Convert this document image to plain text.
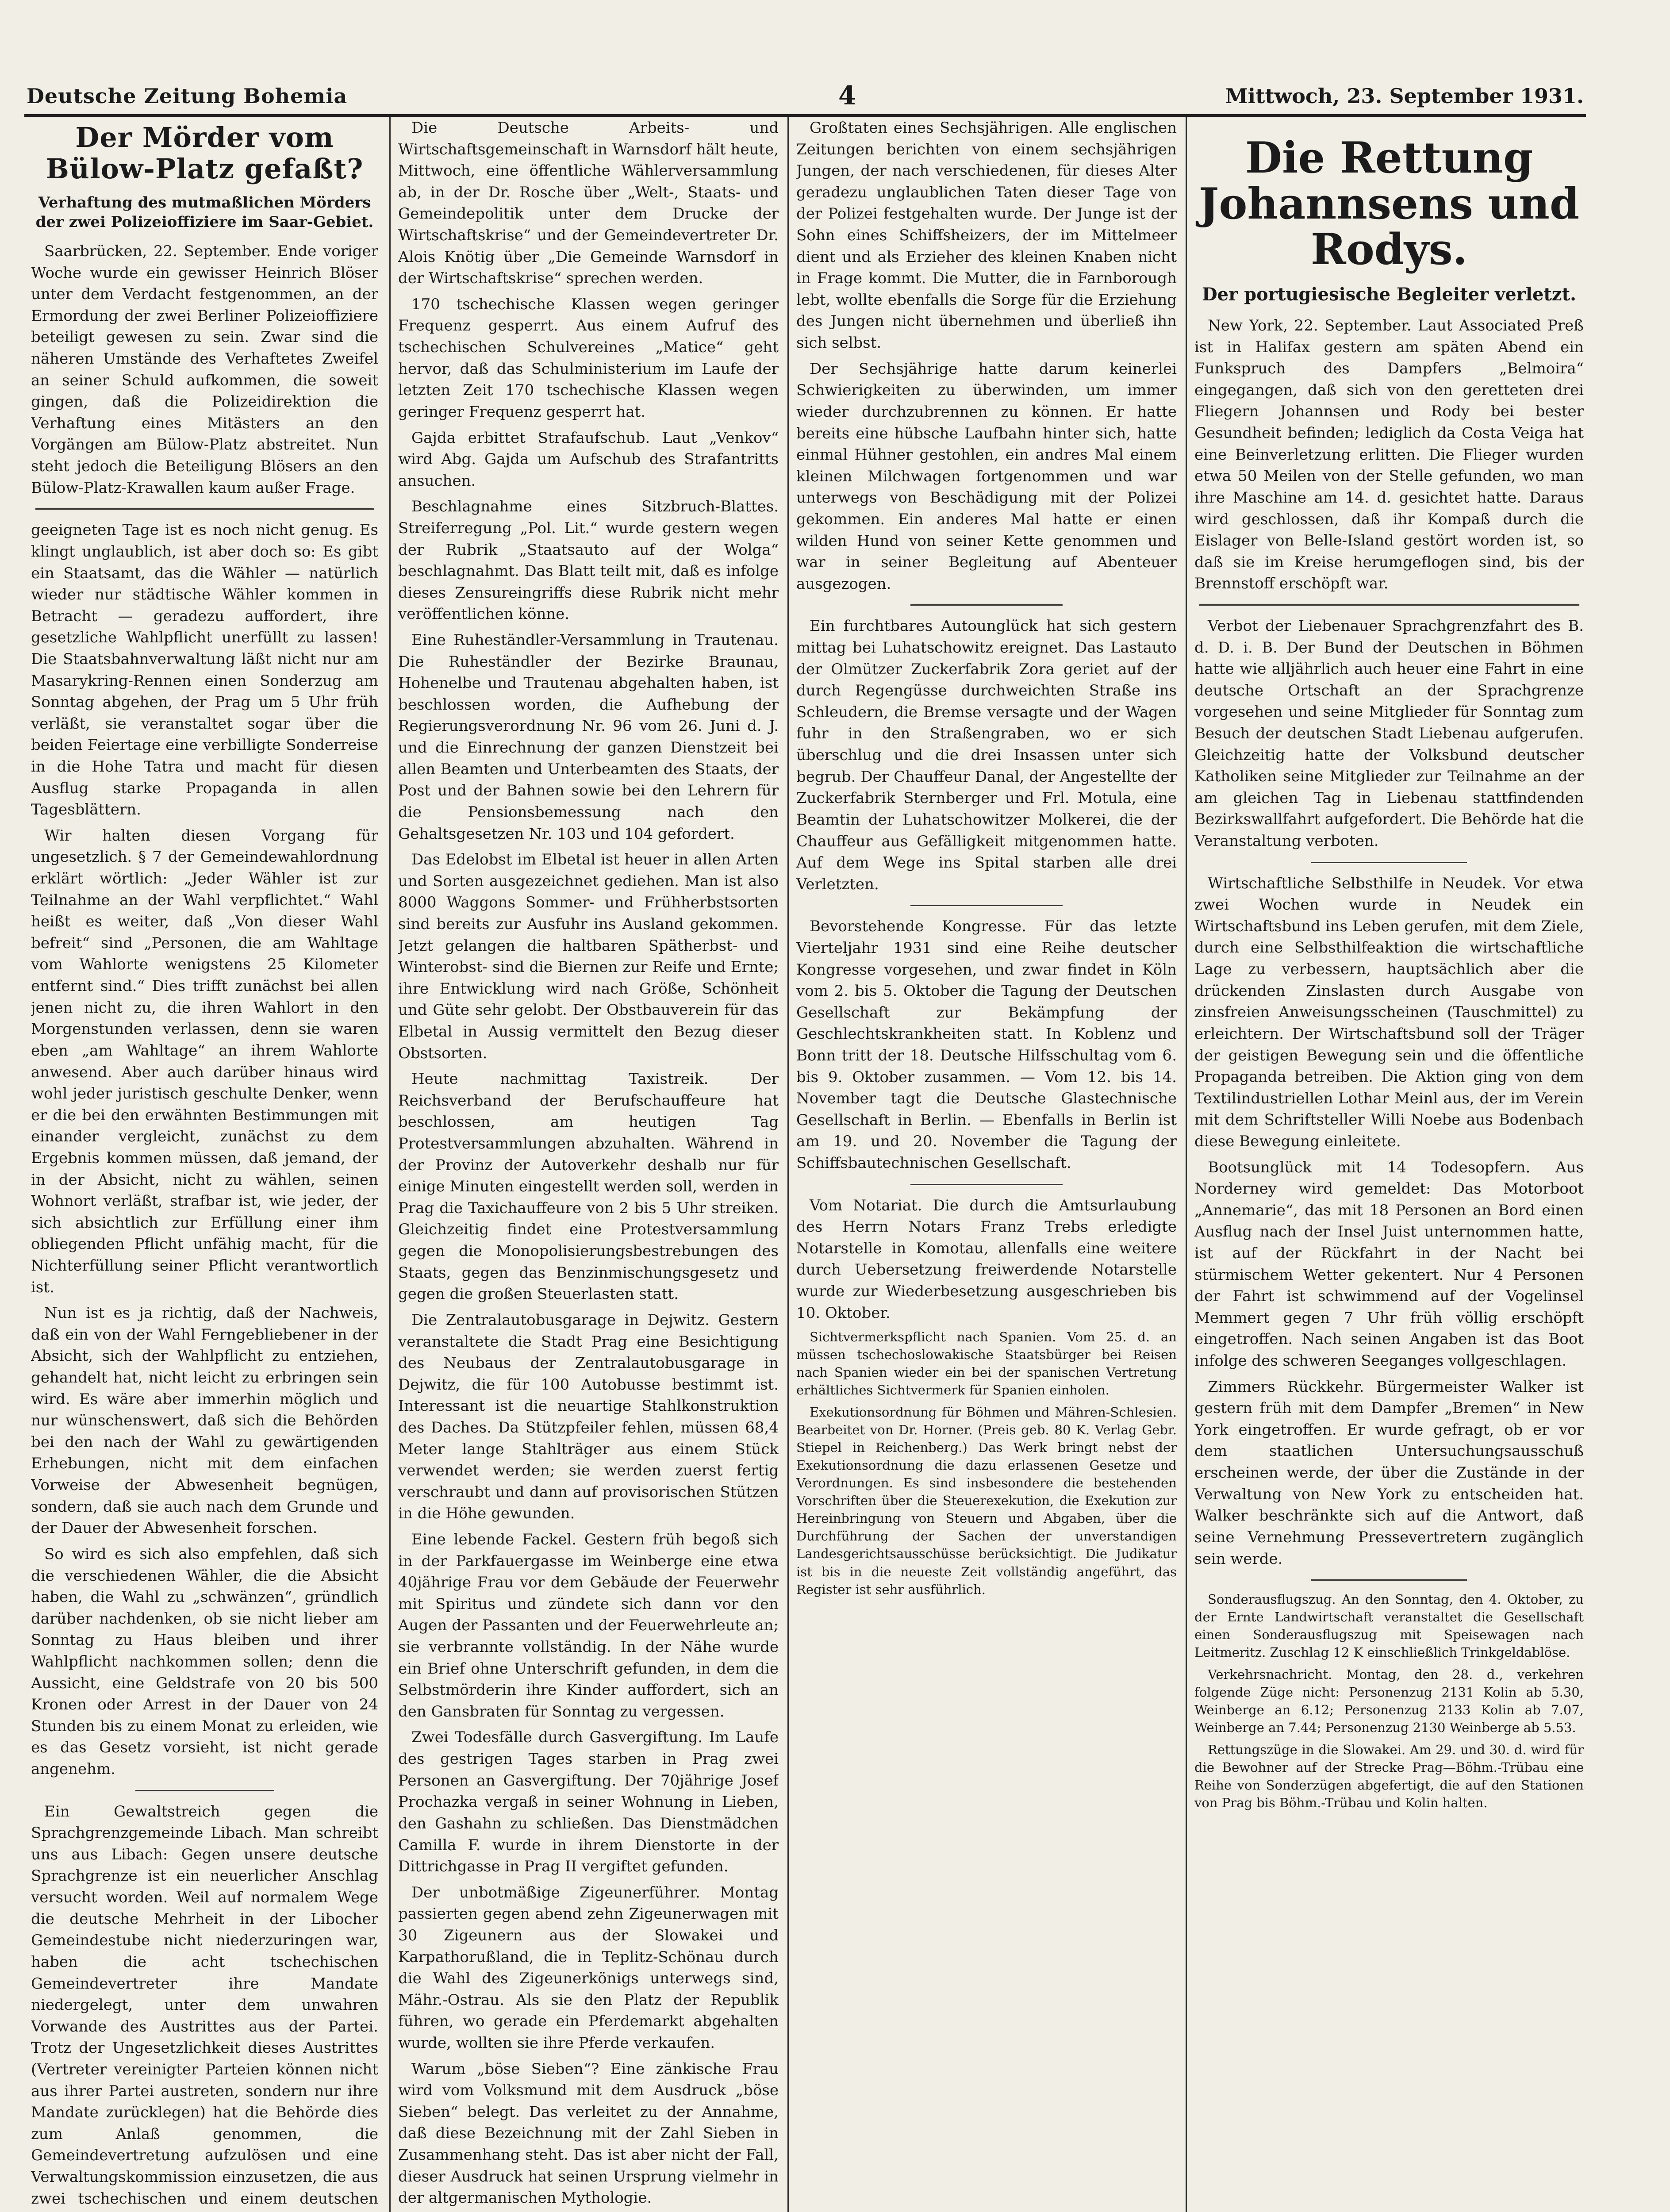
Deutsche Zeitung Bohemia	4	Mittwoch, 23. September 1931.
Der Mörder vom Bülow-Platz gefaßt?
Verhaftung des mutmaßlichen Mörders der zwei Polizeioffiziere im Saar-Gebiet.

Saarbrücken, 22. September. Ende voriger Woche wurde ein gewisser Heinrich Blöser unter dem Verdacht festgenommen, an der Ermordung der zwei Berliner Polizeioffiziere beteiligt gewesen zu sein. Zwar sind die näheren Umstände des Verhaftetes Zweifel an seiner Schuld aufkommen, die soweit gingen, daß die Polizeidirektion die Verhaftung eines Mitästers an den Vorgängen am Bülow-Platz abstreitet. Nun steht jedoch die Beteiligung Blösers an den Bülow-Platz-Krawallen kaum außer Frage.

geeigneten Tage ist es noch nicht genug. Es klingt unglaublich, ist aber doch so: Es gibt ein Staatsamt, das die Wähler — natürlich wieder nur städtische Wähler kommen in Betracht — geradezu auffordert, ihre gesetzliche Wahlpflicht unerfüllt zu lassen! Die Staatsbahnverwaltung läßt nicht nur am Masarykring-Rennen einen Sonderzug am Sonntag abgehen, der Prag um 5 Uhr früh verläßt, sie veranstaltet sogar über die beiden Feiertage eine verbilligte Sonderreise in die Hohe Tatra und macht für diesen Ausflug starke Propaganda in allen Tagesblättern.

Wir halten diesen Vorgang für ungesetzlich. § 7 der Gemeindewahlordnung erklärt wörtlich: „Jeder Wähler ist zur Teilnahme an der Wahl verpflichtet.“ Wahl heißt es weiter, daß „Von dieser Wahl befreit“ sind „Personen, die am Wahltage vom Wahlorte wenigstens 25 Kilometer entfernt sind.“ Dies trifft zunächst bei allen jenen nicht zu, die ihren Wahlort in den Morgenstunden verlassen, denn sie waren eben „am Wahltage“ an ihrem Wahlorte anwesend. Aber auch darüber hinaus wird wohl jeder juristisch geschulte Denker, wenn er die bei den erwähnten Bestimmungen mit einander vergleicht, zunächst zu dem Ergebnis kommen müssen, daß jemand, der in der Absicht, nicht zu wählen, seinen Wohnort verläßt, strafbar ist, wie jeder, der sich absichtlich zur Erfüllung einer ihm obliegenden Pflicht unfähig macht, für die Nichterfüllung seiner Pflicht verantwortlich ist.

Nun ist es ja richtig, daß der Nachweis, daß ein von der Wahl Ferngebliebener in der Absicht, sich der Wahlpflicht zu entziehen, gehandelt hat, nicht leicht zu erbringen sein wird. Es wäre aber immerhin möglich und nur wünschenswert, daß sich die Behörden bei den nach der Wahl zu gewärtigenden Erhebungen, nicht mit dem einfachen Vorweise der Abwesenheit begnügen, sondern, daß sie auch nach dem Grunde und der Dauer der Abwesenheit forschen.

So wird es sich also empfehlen, daß sich die verschiedenen Wähler, die die Absicht haben, die Wahl zu „schwänzen“, gründlich darüber nachdenken, ob sie nicht lieber am Sonntag zu Haus bleiben und ihrer Wahlpflicht nachkommen sollen; denn die Aussicht, eine Geldstrafe von 20 bis 500 Kronen oder Arrest in der Dauer von 24 Stunden bis zu einem Monat zu erleiden, wie es das Gesetz vorsieht, ist nicht gerade angenehm.

Ein Gewaltstreich gegen die Sprachgrenzgemeinde Libach. Man schreibt uns aus Libach: Gegen unsere deutsche Sprachgrenze ist ein neuerlicher Anschlag versucht worden. Weil auf normalem Wege die deutsche Mehrheit in der Libocher Gemeindestube nicht niederzuringen war, haben die acht tschechischen Gemeindevertreter ihre Mandate niedergelegt, unter dem unwahren Vorwande des Austrittes aus der Partei. Trotz der Ungesetzlichkeit dieses Austrittes (Vertreter vereinigter Parteien können nicht aus ihrer Partei austreten, sondern nur ihre Mandate zurücklegen) hat die Behörde dies zum Anlaß genommen, die Gemeindevertretung aufzulösen und eine Verwaltungskommission einzusetzen, die aus zwei tschechischen und einem deutschen

Die Deutsche Arbeits- und Wirtschaftsgemeinschaft in Warnsdorf hält heute, Mittwoch, eine öffentliche Wählerversammlung ab, in der Dr. Rosche über „Welt-, Staats- und Gemeindepolitik unter dem Drucke der Wirtschaftskrise“ und der Gemeindevertreter Dr. Alois Knötig über „Die Gemeinde Warnsdorf in der Wirtschaftskrise“ sprechen werden.

170 tschechische Klassen wegen geringer Frequenz gesperrt. Aus einem Aufruf des tschechischen Schulvereines „Matice“ geht hervor, daß das Schulministerium im Laufe der letzten Zeit 170 tschechische Klassen wegen geringer Frequenz gesperrt hat.

Gajda erbittet Strafaufschub. Laut „Venkov“ wird Abg. Gajda um Aufschub des Strafantritts ansuchen.

Beschlagnahme eines Sitzbruch-Blattes. Streiferregung „Pol. Lit.“ wurde gestern wegen der Rubrik „Staatsauto auf der Wolga“ beschlagnahmt. Das Blatt teilt mit, daß es infolge dieses Zensureingriffs diese Rubrik nicht mehr veröffentlichen könne.

Eine Ruheständler-Versammlung in Trautenau. Die Ruheständler der Bezirke Braunau, Hohenelbe und Trautenau abgehalten haben, ist beschlossen worden, die Aufhebung der Regierungsverordnung Nr. 96 vom 26. Juni d. J. und die Einrechnung der ganzen Dienstzeit bei allen Beamten und Unterbeamten des Staats, der Post und der Bahnen sowie bei den Lehrern für die Pensionsbemessung nach den Gehaltsgesetzen Nr. 103 und 104 gefordert.

Das Edelobst im Elbetal ist heuer in allen Arten und Sorten ausgezeichnet gediehen. Man ist also 8000 Waggons Sommer- und Frühherbstsorten sind bereits zur Ausfuhr ins Ausland gekommen. Jetzt gelangen die haltbaren Spätherbst- und Winterobst- sind die Biernen zur Reife und Ernte; ihre Entwicklung wird nach Größe, Schönheit und Güte sehr gelobt. Der Obstbauverein für das Elbetal in Aussig vermittelt den Bezug dieser Obstsorten.

Heute nachmittag Taxistreik. Der Reichsverband der Berufschauffeure hat beschlossen, am heutigen Tag Protestversammlungen abzuhalten. Während in der Provinz der Autoverkehr deshalb nur für einige Minuten eingestellt werden soll, werden in Prag die Taxichauffeure von 2 bis 5 Uhr streiken. Gleichzeitig findet eine Protestversammlung gegen die Monopolisierungsbestrebungen des Staats, gegen das Benzinmischungsgesetz und gegen die großen Steuerlasten statt.

Die Zentralautobusgarage in Dejwitz. Gestern veranstaltete die Stadt Prag eine Besichtigung des Neubaus der Zentralautobusgarage in Dejwitz, die für 100 Autobusse bestimmt ist. Interessant ist die neuartige Stahlkonstruktion des Daches. Da Stützpfeiler fehlen, müssen 68,4 Meter lange Stahlträger aus einem Stück verwendet werden; sie werden zuerst fertig verschraubt und dann auf provisorischen Stützen in die Höhe gewunden.

Eine lebende Fackel. Gestern früh begoß sich in der Parkfauergasse im Weinberge eine etwa 40jährige Frau vor dem Gebäude der Feuerwehr mit Spiritus und zündete sich dann vor den Augen der Passanten und der Feuerwehrleute an; sie verbrannte vollständig. In der Nähe wurde ein Brief ohne Unterschrift gefunden, in dem die Selbstmörderin ihre Kinder auffordert, sich an den Gansbraten für Sonntag zu vergessen.

Zwei Todesfälle durch Gasvergiftung. Im Laufe des gestrigen Tages starben in Prag zwei Personen an Gasvergiftung. Der 70jährige Josef Prochazka vergaß in seiner Wohnung in Lieben, den Gashahn zu schließen. Das Dienstmädchen Camilla F. wurde in ihrem Dienstorte in der Dittrichgasse in Prag II vergiftet gefunden.

Der unbotmäßige Zigeunerführer. Montag passierten gegen abend zehn Zigeunerwagen mit 30 Zigeunern aus der Slowakei und Karpathorußland, die in Teplitz-Schönau durch die Wahl des Zigeunerkönigs unterwegs sind, Mähr.-Ostrau. Als sie den Platz der Republik führen, wo gerade ein Pferdemarkt abgehalten wurde, wollten sie ihre Pferde verkaufen.

Warum „böse Sieben“? Eine zänkische Frau wird vom Volksmund mit dem Ausdruck „böse Sieben“ belegt. Das verleitet zu der Annahme, daß diese Bezeichnung mit der Zahl Sieben in Zusammenhang steht. Das ist aber nicht der Fall, dieser Ausdruck hat seinen Ursprung vielmehr in der altgermanischen Mythologie.

Großtaten eines Sechsjährigen. Alle englischen Zeitungen berichten von einem sechsjährigen Jungen, der nach verschiedenen, für dieses Alter geradezu unglaublichen Taten dieser Tage von der Polizei festgehalten wurde. Der Junge ist der Sohn eines Schiffsheizers, der im Mittelmeer dient und als Erzieher des kleinen Knaben nicht in Frage kommt. Die Mutter, die in Farnborough lebt, wollte ebenfalls die Sorge für die Erziehung des Jungen nicht übernehmen und überließ ihn sich selbst.

Der Sechsjährige hatte darum keinerlei Schwierigkeiten zu überwinden, um immer wieder durchzubrennen zu können. Er hatte bereits eine hübsche Laufbahn hinter sich, hatte einmal Hühner gestohlen, ein andres Mal einem kleinen Milchwagen fortgenommen und war unterwegs von Beschädigung mit der Polizei gekommen. Ein anderes Mal hatte er einen wilden Hund von seiner Kette genommen und war in seiner Begleitung auf Abenteuer ausgezogen.

Ein furchtbares Autounglück hat sich gestern mittag bei Luhatschowitz ereignet. Das Lastauto der Olmützer Zuckerfabrik Zora geriet auf der durch Regengüsse durchweichten Straße ins Schleudern, die Bremse versagte und der Wagen fuhr in den Straßengraben, wo er sich überschlug und die drei Insassen unter sich begrub. Der Chauffeur Danal, der Angestellte der Zuckerfabrik Sternberger und Frl. Motula, eine Beamtin der Luhatschowitzer Molkerei, die der Chauffeur aus Gefälligkeit mitgenommen hatte. Auf dem Wege ins Spital starben alle drei Verletzten.

Bevorstehende Kongresse. Für das letzte Vierteljahr 1931 sind eine Reihe deutscher Kongresse vorgesehen, und zwar findet in Köln vom 2. bis 5. Oktober die Tagung der Deutschen Gesellschaft zur Bekämpfung der Geschlechtskrankheiten statt. In Koblenz und Bonn tritt der 18. Deutsche Hilfsschultag vom 6. bis 9. Oktober zusammen. — Vom 12. bis 14. November tagt die Deutsche Glastechnische Gesellschaft in Berlin. — Ebenfalls in Berlin ist am 19. und 20. November die Tagung der Schiffsbautechnischen Gesellschaft.

Vom Notariat. Die durch die Amtsurlaubung des Herrn Notars Franz Trebs erledigte Notarstelle in Komotau, allenfalls eine weitere durch Uebersetzung freiwerdende Notarstelle wurde zur Wiederbesetzung ausgeschrieben bis 10. Oktober.

Sichtvermerkspflicht nach Spanien. Vom 25. d. an müssen tschechoslowakische Staatsbürger bei Reisen nach Spanien wieder ein bei der spanischen Vertretung erhältliches Sichtvermerk für Spanien einholen.

Exekutionsordnung für Böhmen und Mähren-Schlesien. Bearbeitet von Dr. Horner. (Preis geb. 80 K. Verlag Gebr. Stiepel in Reichenberg.) Das Werk bringt nebst der Exekutionsordnung die dazu erlassenen Gesetze und Verordnungen. Es sind insbesondere die bestehenden Vorschriften über die Steuerexekution, die Exekution zur Hereinbringung von Steuern und Abgaben, über die Durchführung der Sachen der unverstandigen Landesgerichtsausschüsse berücksichtigt. Die Judikatur ist bis in die neueste Zeit vollständig angeführt, das Register ist sehr ausführlich.

Die Rettung Johannsens und Rodys.
Der portugiesische Begleiter verletzt.

New York, 22. September. Laut Associated Preß ist in Halifax gestern am späten Abend ein Funkspruch des Dampfers „Belmoira“ eingegangen, daß sich von den geretteten drei Fliegern Johannsen und Rody bei bester Gesundheit befinden; lediglich da Costa Veiga hat eine Beinverletzung erlitten. Die Flieger wurden etwa 50 Meilen von der Stelle gefunden, wo man ihre Maschine am 14. d. gesichtet hatte. Daraus wird geschlossen, daß ihr Kompaß durch die Eislager von Belle-Island gestört worden ist, so daß sie im Kreise herumgeflogen sind, bis der Brennstoff erschöpft war.

Verbot der Liebenauer Sprachgrenzfahrt des B. d. D. i. B. Der Bund der Deutschen in Böhmen hatte wie alljährlich auch heuer eine Fahrt in eine deutsche Ortschaft an der Sprachgrenze vorgesehen und seine Mitglieder für Sonntag zum Besuch der deutschen Stadt Liebenau aufgerufen. Gleichzeitig hatte der Volksbund deutscher Katholiken seine Mitglieder zur Teilnahme an der am gleichen Tag in Liebenau stattfindenden Bezirkswallfahrt aufgefordert. Die Behörde hat die Veranstaltung verboten.

Wirtschaftliche Selbsthilfe in Neudek. Vor etwa zwei Wochen wurde in Neudek ein Wirtschaftsbund ins Leben gerufen, mit dem Ziele, durch eine Selbsthilfeaktion die wirtschaftliche Lage zu verbessern, hauptsächlich aber die drückenden Zinslasten durch Ausgabe von zinsfreien Anweisungsscheinen (Tauschmittel) zu erleichtern. Der Wirtschaftsbund soll der Träger der geistigen Bewegung sein und die öffentliche Propaganda betreiben. Die Aktion ging von dem Textilindustriellen Lothar Meinl aus, der im Verein mit dem Schriftsteller Willi Noebe aus Bodenbach diese Bewegung einleitete.

Bootsunglück mit 14 Todesopfern. Aus Norderney wird gemeldet: Das Motorboot „Annemarie“, das mit 18 Personen an Bord einen Ausflug nach der Insel Juist unternommen hatte, ist auf der Rückfahrt in der Nacht bei stürmischem Wetter gekentert. Nur 4 Personen der Fahrt ist schwimmend auf der Vogelinsel Memmert gegen 7 Uhr früh völlig erschöpft eingetroffen. Nach seinen Angaben ist das Boot infolge des schweren Seeganges vollgeschlagen.

Zimmers Rückkehr. Bürgermeister Walker ist gestern früh mit dem Dampfer „Bremen“ in New York eingetroffen. Er wurde gefragt, ob er vor dem staatlichen Untersuchungsausschuß erscheinen werde, der über die Zustände in der Verwaltung von New York zu entscheiden hat. Walker beschränkte sich auf die Antwort, daß seine Vernehmung Pressevertretern zugänglich sein werde.

Sonderausflugszug. An den Sonntag, den 4. Oktober, zu der Ernte Landwirtschaft veranstaltet die Gesellschaft einen Sonderausflugszug mit Speisewagen nach Leitmeritz. Zuschlag 12 K einschließlich Trinkgeldablöse.

Verkehrsnachricht. Montag, den 28. d., verkehren folgende Züge nicht: Personenzug 2131 Kolin ab 5.30, Weinberge an 6.12; Personenzug 2133 Kolin ab 7.07, Weinberge an 7.44; Personenzug 2130 Weinberge ab 5.53.

Rettungszüge in die Slowakei. Am 29. und 30. d. wird für die Bewohner auf der Strecke Prag—Böhm.-Trübau eine Reihe von Sonderzügen abgefertigt, die auf den Stationen von Prag bis Böhm.-Trübau und Kolin halten.
